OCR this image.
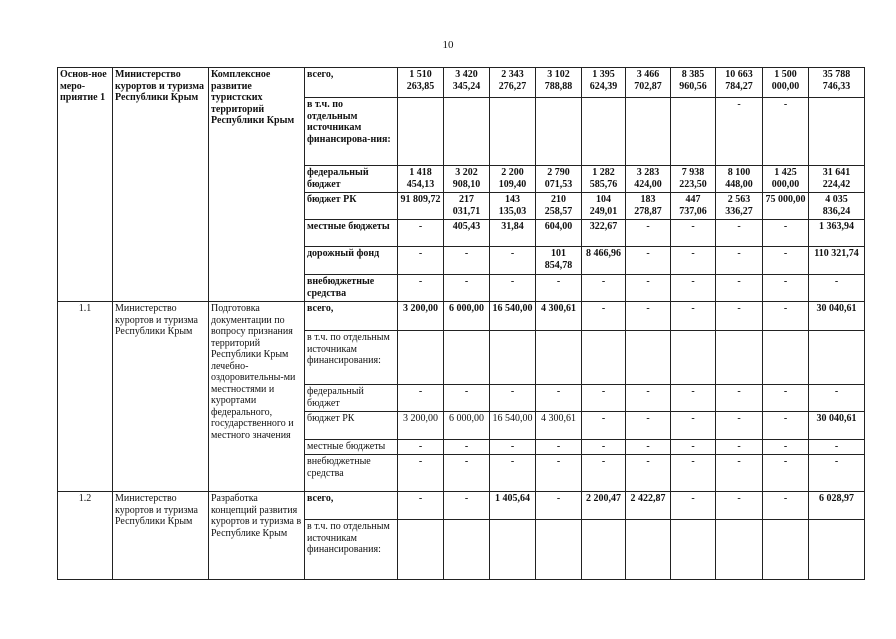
10
Основ-ное меро-приятие 1	Министерство курортов и туризма Республики Крым	Комплексное развитие туристских территорий Республики Крым	всего,	1 510 263,85	3 420 345,24	2 343 276,27	3 102 788,88	1 395 624,39	3 466 702,87	8 385 960,56	10 663 784,27	1 500 000,00	35 788 746,33
			в т.ч. по отдельным источникам финансирова-ния:								-	-	
			федеральный бюджет	1 418 454,13	3 202 908,10	2 200 109,40	2 790 071,53	1 282 585,76	3 283 424,00	7 938 223,50	8 100 448,00	1 425 000,00	31 641 224,42
			бюджет РК	91 809,72	217 031,71	143 135,03	210 258,57	104 249,01	183 278,87	447 737,06	2 563 336,27	75 000,00	4 035 836,24
			местные бюджеты	-	405,43	31,84	604,00	322,67	-	-	-	-	1 363,94
			дорожный фонд	-	-	-	101 854,78	8 466,96	-	-	-	-	110 321,74
			внебюджетные средства	-	-	-	-	-	-	-	-	-	-
1.1	Министерство курортов и туризма Республики Крым	Подготовка документации по вопросу признания территорий Республики Крым лечебно-оздоровительны-ми местностями и курортами федерального, государственного и местного значения	всего,	3 200,00	6 000,00	16 540,00	4 300,61	-	-	-	-	-	30 040,61
			в т.ч. по отдельным источникам финансирования:										
			федеральный бюджет	-	-	-	-	-	-	-	-	-	-
			бюджет РК	3 200,00	6 000,00	16 540,00	4 300,61	-	-	-	-	-	30 040,61
			местные бюджеты	-	-	-	-	-	-	-	-	-	-
			внебюджетные средства	-	-	-	-	-	-	-	-	-	-
1.2	Министерство курортов и туризма Республики Крым	Разработка концепций развития курортов и туризма в Республике Крым	всего,	-	-	1 405,64	-	2 200,47	2 422,87	-	-	-	6 028,97
			в т.ч. по отдельным источникам финансирования:										
